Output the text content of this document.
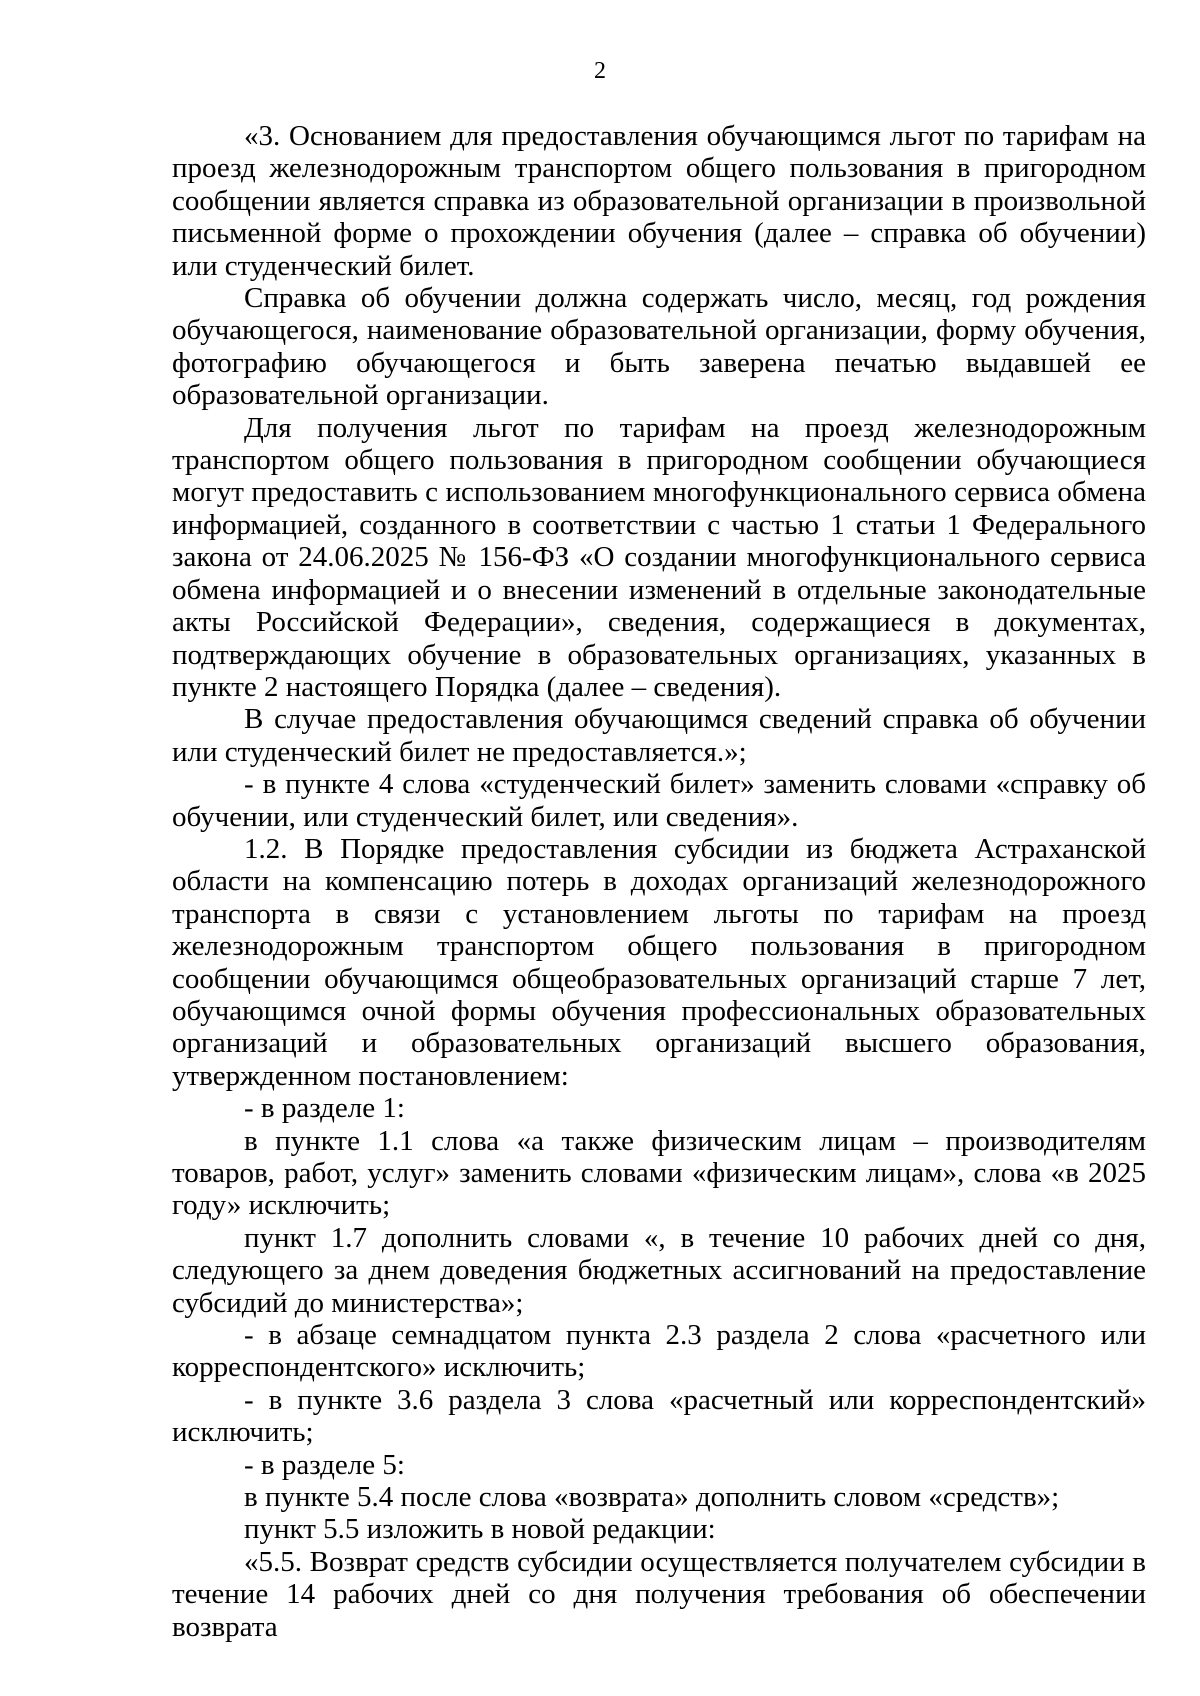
2

«3. Основанием для предоставления обучающимся льгот по тарифам на проезд железнодорожным транспортом общего пользования в пригородном сообщении является справка из образовательной организации в произвольной письменной форме о прохождении обучения (далее – справка об обучении) или студенческий билет.

Справка об обучении должна содержать число, месяц, год рождения обучающегося, наименование образовательной организации, форму обучения, фотографию обучающегося и быть заверена печатью выдавшей ее образовательной организации.

Для получения льгот по тарифам на проезд железнодорожным транспортом общего пользования в пригородном сообщении обучающиеся могут предоставить с использованием многофункционального сервиса обмена информацией, созданного в соответствии с частью 1 статьи 1 Федерального закона от 24.06.2025 № 156-ФЗ «О создании многофункционального сервиса обмена информацией и о внесении изменений в отдельные законодательные акты Российской Федерации», сведения, содержащиеся в документах, подтверждающих обучение в образовательных организациях, указанных в пункте 2 настоящего Порядка (далее – сведения).

В случае предоставления обучающимся сведений справка об обучении или студенческий билет не предоставляется.»;

- в пункте 4 слова «студенческий билет» заменить словами «справку об обучении, или студенческий билет, или сведения».

1.2. В Порядке предоставления субсидии из бюджета Астраханской области на компенсацию потерь в доходах организаций железнодорожного транспорта в связи с установлением льготы по тарифам на проезд железнодорожным транспортом общего пользования в пригородном сообщении обучающимся общеобразовательных организаций старше 7 лет, обучающимся очной формы обучения профессиональных образовательных организаций и образовательных организаций высшего образования, утвержденном постановлением:

- в разделе 1:

в пункте 1.1 слова «а также физическим лицам – производителям товаров, работ, услуг» заменить словами «физическим лицам», слова «в 2025 году» исключить;

пункт 1.7 дополнить словами «, в течение 10 рабочих дней со дня, следующего за днем доведения бюджетных ассигнований на предоставление субсидий до министерства»;

- в абзаце семнадцатом пункта 2.3 раздела 2 слова «расчетного или корреспондентского» исключить;

- в пункте 3.6 раздела 3 слова «расчетный или корреспондентский» исключить;

- в разделе 5:

в пункте 5.4 после слова «возврата» дополнить словом «средств»;

пункт 5.5 изложить в новой редакции:

«5.5. Возврат средств субсидии осуществляется получателем субсидии в течение 14 рабочих дней со дня получения требования об обеспечении возврата
